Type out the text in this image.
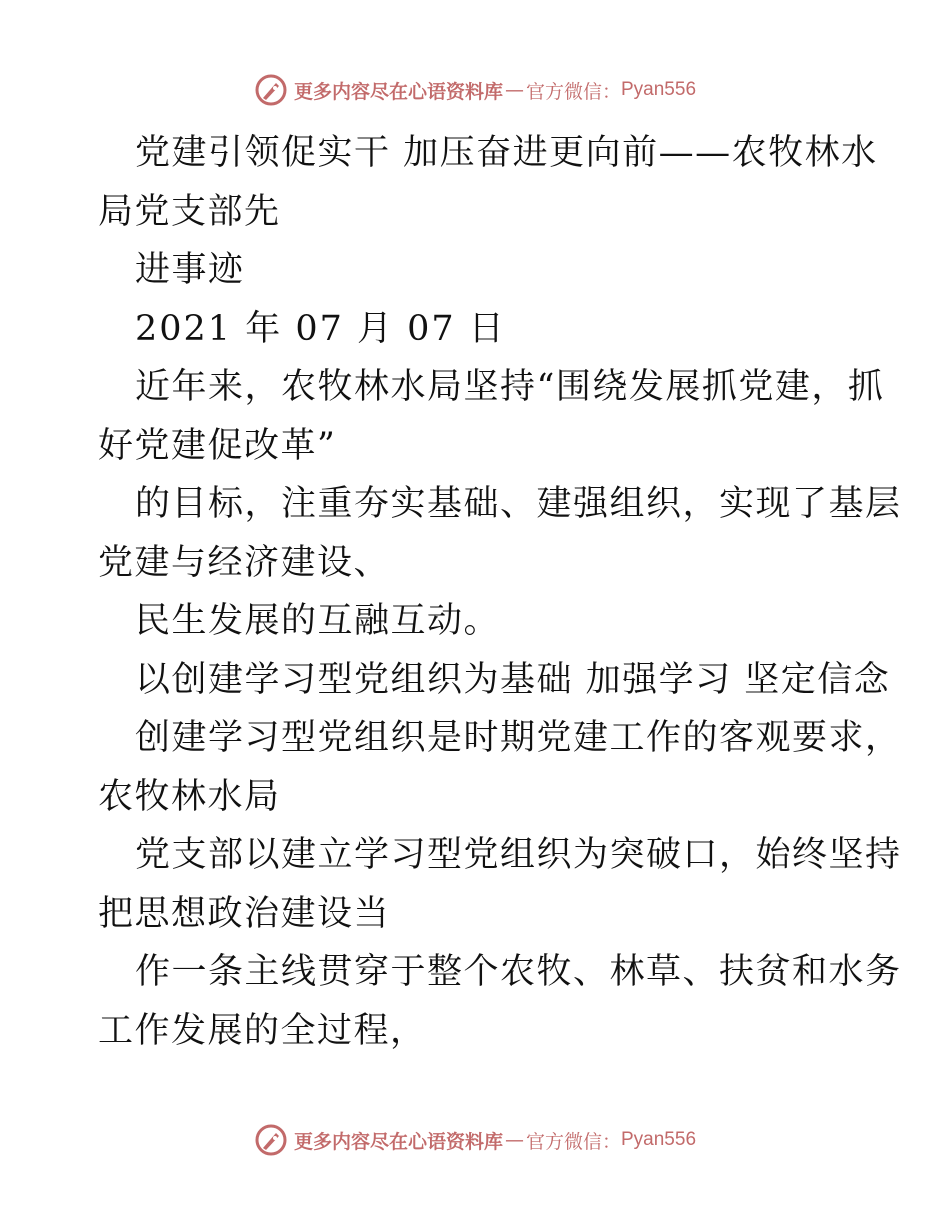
更多内容尽在心语资料库 — 官方微信： Pyan556
党建引领促实干 加压奋进更向前——农牧林水
局党支部先
进事迹
2021 年 07 月 07 日
近年来，农牧林水局坚持“围绕发展抓党建，抓
好党建促改革”
的目标，注重夯实基础、建强组织，实现了基层
党建与经济建设、
民生发展的互融互动。
以创建学习型党组织为基础 加强学习 坚定信念
创建学习型党组织是时期党建工作的客观要求，
农牧林水局
党支部以建立学习型党组织为突破口，始终坚持
把思想政治建设当
作一条主线贯穿于整个农牧、林草、扶贫和水务
工作发展的全过程，
更多内容尽在心语资料库 — 官方微信： Pyan556
